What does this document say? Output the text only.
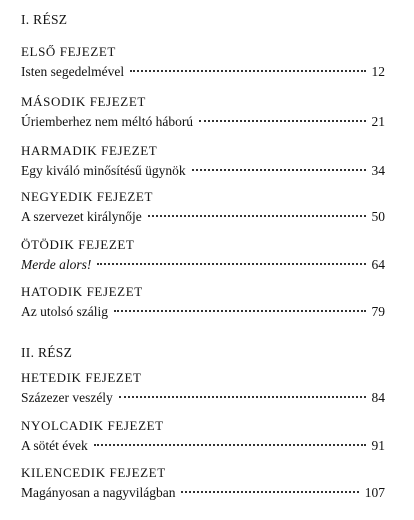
I. RÉSZ
ELSŐ FEJEZET
Isten segedelmével	12
MÁSODIK FEJEZET
Úriemberhez nem méltó háború	21
HARMADIK FEJEZET
Egy kiváló minősítésű ügynök	34
NEGYEDIK FEJEZET
A szervezet királynője	50
ÖTÖDIK FEJEZET
Merde alors!	64
HATODIK FEJEZET
Az utolsó szálig	79
II. RÉSZ
HETEDIK FEJEZET
Százezer veszély	84
NYOLCADIK FEJEZET
A sötét évek	91
KILENCEDIK FEJEZET
Magányosan a nagyvilágban	107
